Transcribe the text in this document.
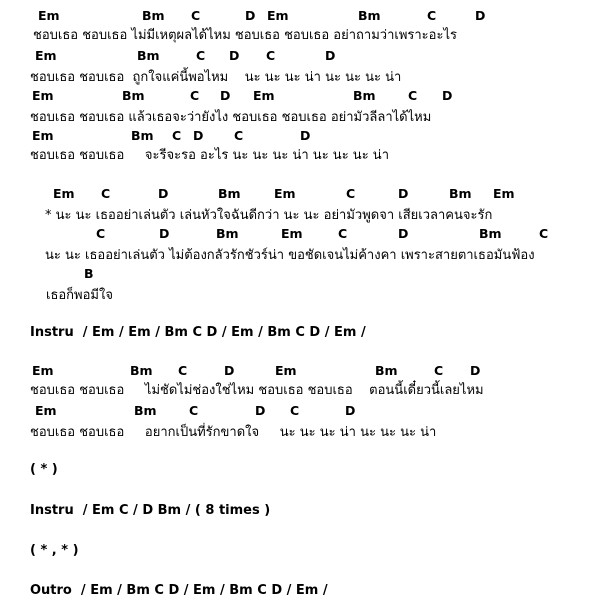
Em	Bm C	D Em	Bm	C	D
ชอบเธอ ชอบเธอ ไม่มีเหตุผลได้ไหม ชอบเธอ ชอบเธอ อย่าถามว่าเพราะอะไร
Em	Bm	C D C	D
ชอบเธอ ชอบเธอ  ถูกใจแค่นี้พอไหม    นะ นะ นะ น่า นะ นะ นะ น่า
Em	Bm	C D Em	Bm	C D
ชอบเธอ ชอบเธอ แล้วเธอจะว่ายังไง ชอบเธอ ชอบเธอ อย่ามัวลีลาได้ไหม
Em	Bm C D C	D
ชอบเธอ ชอบเธอ     จะรีจะรอ อะไร นะ นะ นะ น่า นะ นะ นะ น่า
Em C	D	Bm	Em	C	D	Bm Em
* นะ นะ เธออย่าเล่นตัว เล่นหัวใจฉันดีกว่า นะ นะ อย่ามัวพูดจา เสียเวลาคนจะรัก
C	D	Bm	Em	C	D	Bm	C
นะ นะ เธออย่าเล่นตัว ไม่ต้องกลัวรักชัวร์น่า ขอชัดเจนไม่ค้างคา เพราะสายตาเธอมันฟ้อง
B
เธอก็พอมีใจ
Instru  / Em / Em / Bm C D / Em / Bm C D / Em /
Em	Bm C	D	Em	Bm	C D
ชอบเธอ ชอบเธอ     ไม่ชัดไม่ช่องใช่ไหม ชอบเธอ ชอบเธอ    ตอนนี้เดี๋ยวนี้เลยไหม
Em	Bm	C	D C	D
ชอบเธอ ชอบเธอ     อยากเป็นที่รักขาดใจ     นะ นะ นะ น่า นะ นะ นะ น่า
( * )
Instru  / Em C / D Bm / ( 8 times )
( * , * )
Outro  / Em / Bm C D / Em / Bm C D / Em /
